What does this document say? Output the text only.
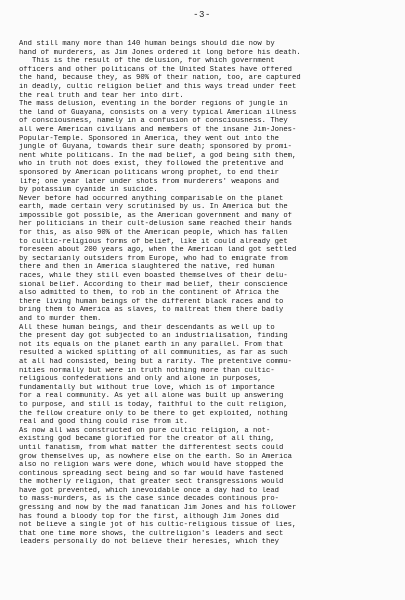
-3-
And still many more than 140 human beings should die now by
hand of murderers, as Jim Jones ordered it long before his death.
This is the result of the delusion, for which government
officers and other politicans of the United States have offered
the hand, because they, as 90% of their nation, too, are captured
in deadly, cultic religion belief and this ways tread under feet
the real truth and tear her into dirt.
The mass delusion, eventing in the border regions of jungle in
the land of Guayana, consists on a very typical American illness
of consciousness, namely in a confusion of consciousness. They
all were American civilians and members of the insane Jim-Jones-
Popular-Temple. Sponsored in America, they went out into the
jungle of Guyana, towards their sure death; sponsored by promi-
nent white politicans. In the mad belief, a god being sith them,
who in truth not does exist, they followed the pretentive and
sponsored by American politicans wrong prophet, to end their
life; one year later under shots from murderers' weapons and
by potassium cyanide in suicide.
Never before had occurred anything comparisable on the planet
earth, made certain very scrutinised by us. In America but the
impossible got possible, as the American government and many of
her politicians in their cult-delusion same reached their hands
for this, as also 90% of the American people, which has fallen
to cultic-religious forms of belief, like it could already get
foreseen about 200 years ago, when the American land got settled
by sectarianly outsiders from Europe, who had to emigrate from
there and then in America slaughtered the native, red human
races, while they still even boasted themselves of their delu-
sional belief. According to their mad belief, their conscience
also admitted to them, to rob in the continent of Africa the
there living human beings of the different black races and to
bring them to America as slaves, to maltreat them there badly
and to murder them.
All these human beings, and their descendants as well up to
the present day got subjected to an industrialisation, finding
not its equals on the planet earth in any parallel. From that
resulted a wicked splitting of all communities, as far as such
at all had consisted, being but a rarity. The pretentive commu-
nities normally but were in truth nothing more than cultic-
religious confederations and only and alone in purposes,
fundamentally but without true love, which is of importance
for a real community. As yet all alone was built up answering
to purpose, and still is today, faithful to the cult religion,
the fellow creature only to be there to get exploited, nothing
real and good thing could rise from it.
As now all was constructed on pure cultic religion, a not-
existing god became glorified for the creator of all thing,
until fanatism, from what matter the differentest sects could
grow themselves up, as nowhere else on the earth. So in America
also no religion wars were done, which would have stopped the
continous spreading sect being and so far would have fastened
the motherly religion, that greater sect transgressions would
have got prevented, which inevoidable once a day had to lead
to mass-murders, as is the case since decades continous pro-
gressing and now by the mad fanatican Jim Jones and his follower
has found a bloody top for the first, although Jim Jones did
not believe a single jot of his cultic-religious tissue of lies,
that one time more shows, the cultreligion's leaders and sect
leaders personally do not believe their heresies, which they
